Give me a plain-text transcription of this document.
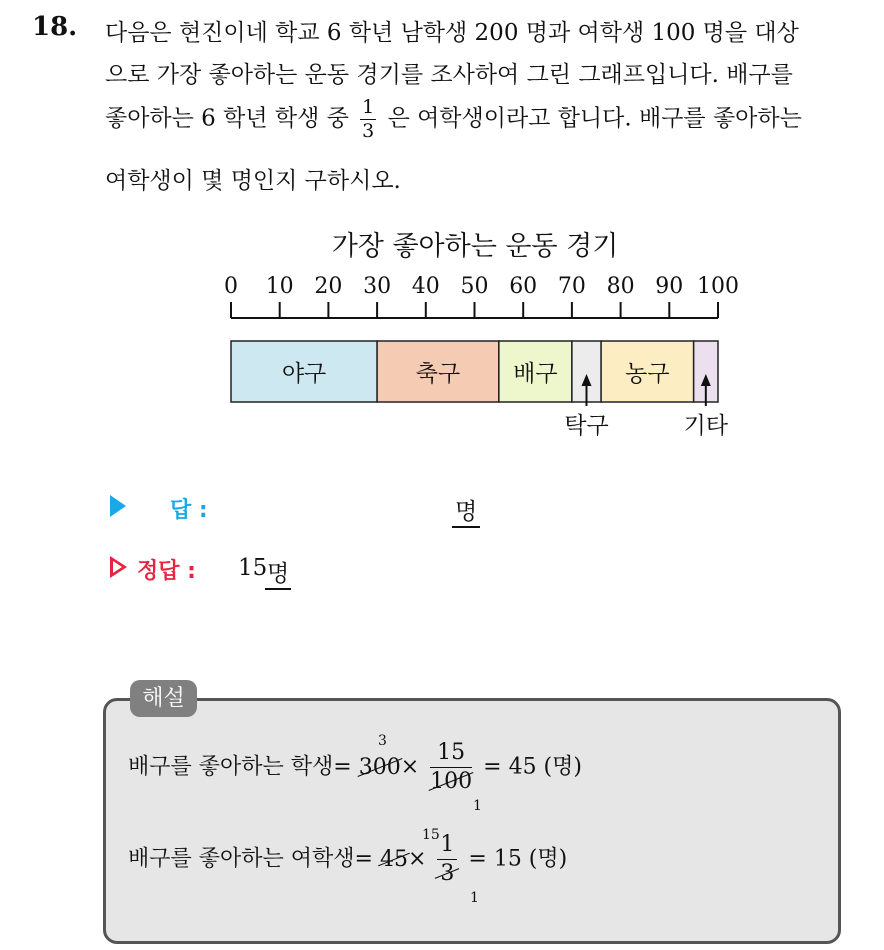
18. 다음은 현진이네 학교 6 학년 남학생 200 명과 여학생 100 명을 대상
으로 가장 좋아하는 운동 경기를 조사하여 그린 그래프입니다. 배구를
좋아하는 6 학년 학생 중 $\frac{1}{3}$ 은 여학생이라고 합니다. 배구를 좋아하는
여학생이 몇 명인지 구하시오.
가장 좋아하는 운동 경기
0 10 20 30 40 50 60 70 80 90 100
야구	축구 배구
탁구
농구
기타
답 :	명
정답 : 15 명
해설
배구를 좋아하는 학생= $300\times \frac{15}{100} = 45$ (명)
3
1
배구를 좋아하는 여학생= $45\times \frac{1}{3} = 15$ (명)
15
1
